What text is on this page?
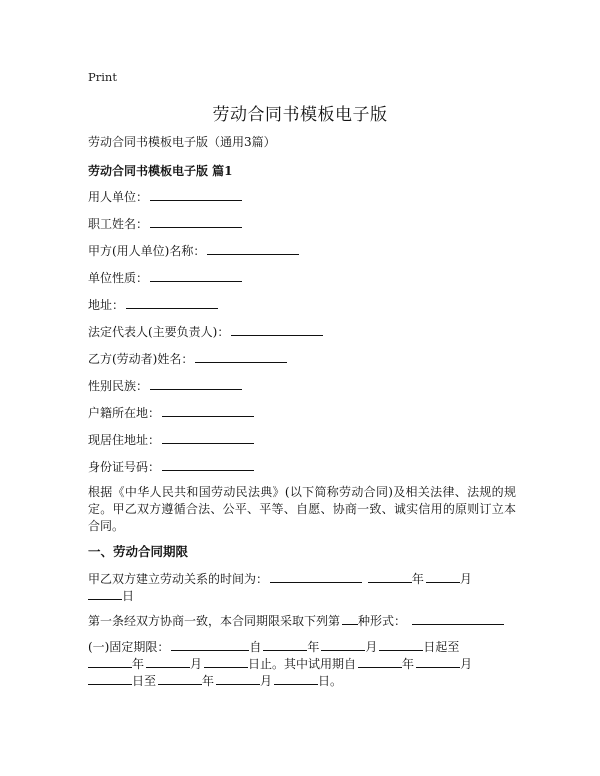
Print
劳动合同书模板电子版
劳动合同书模板电子版（通用3篇）
劳动合同书模板电子版 篇1
用人单位：
职工姓名：
甲方(用人单位)名称：
单位性质：
地址：
法定代表人(主要负责人)：
乙方(劳动者)姓名：
性别民族：
户籍所在地：
现居住地址：
身份证号码：
根据《中华人民共和国劳动民法典》(以下简称劳动合同)及相关法律、法规的规定。甲乙双方遵循合法、公平、平等、自愿、协商一致、诚实信用的原则订立本合同。
一、劳动合同期限
甲乙双方建立劳动关系的时间为：	年	月
日
第一条经双方协商一致，本合同期限采取下列第 种形式：
(一)固定期限：	自	年	月	日起至
年	月	日止。其中试用期自	年	月
日至	年	月	日。
